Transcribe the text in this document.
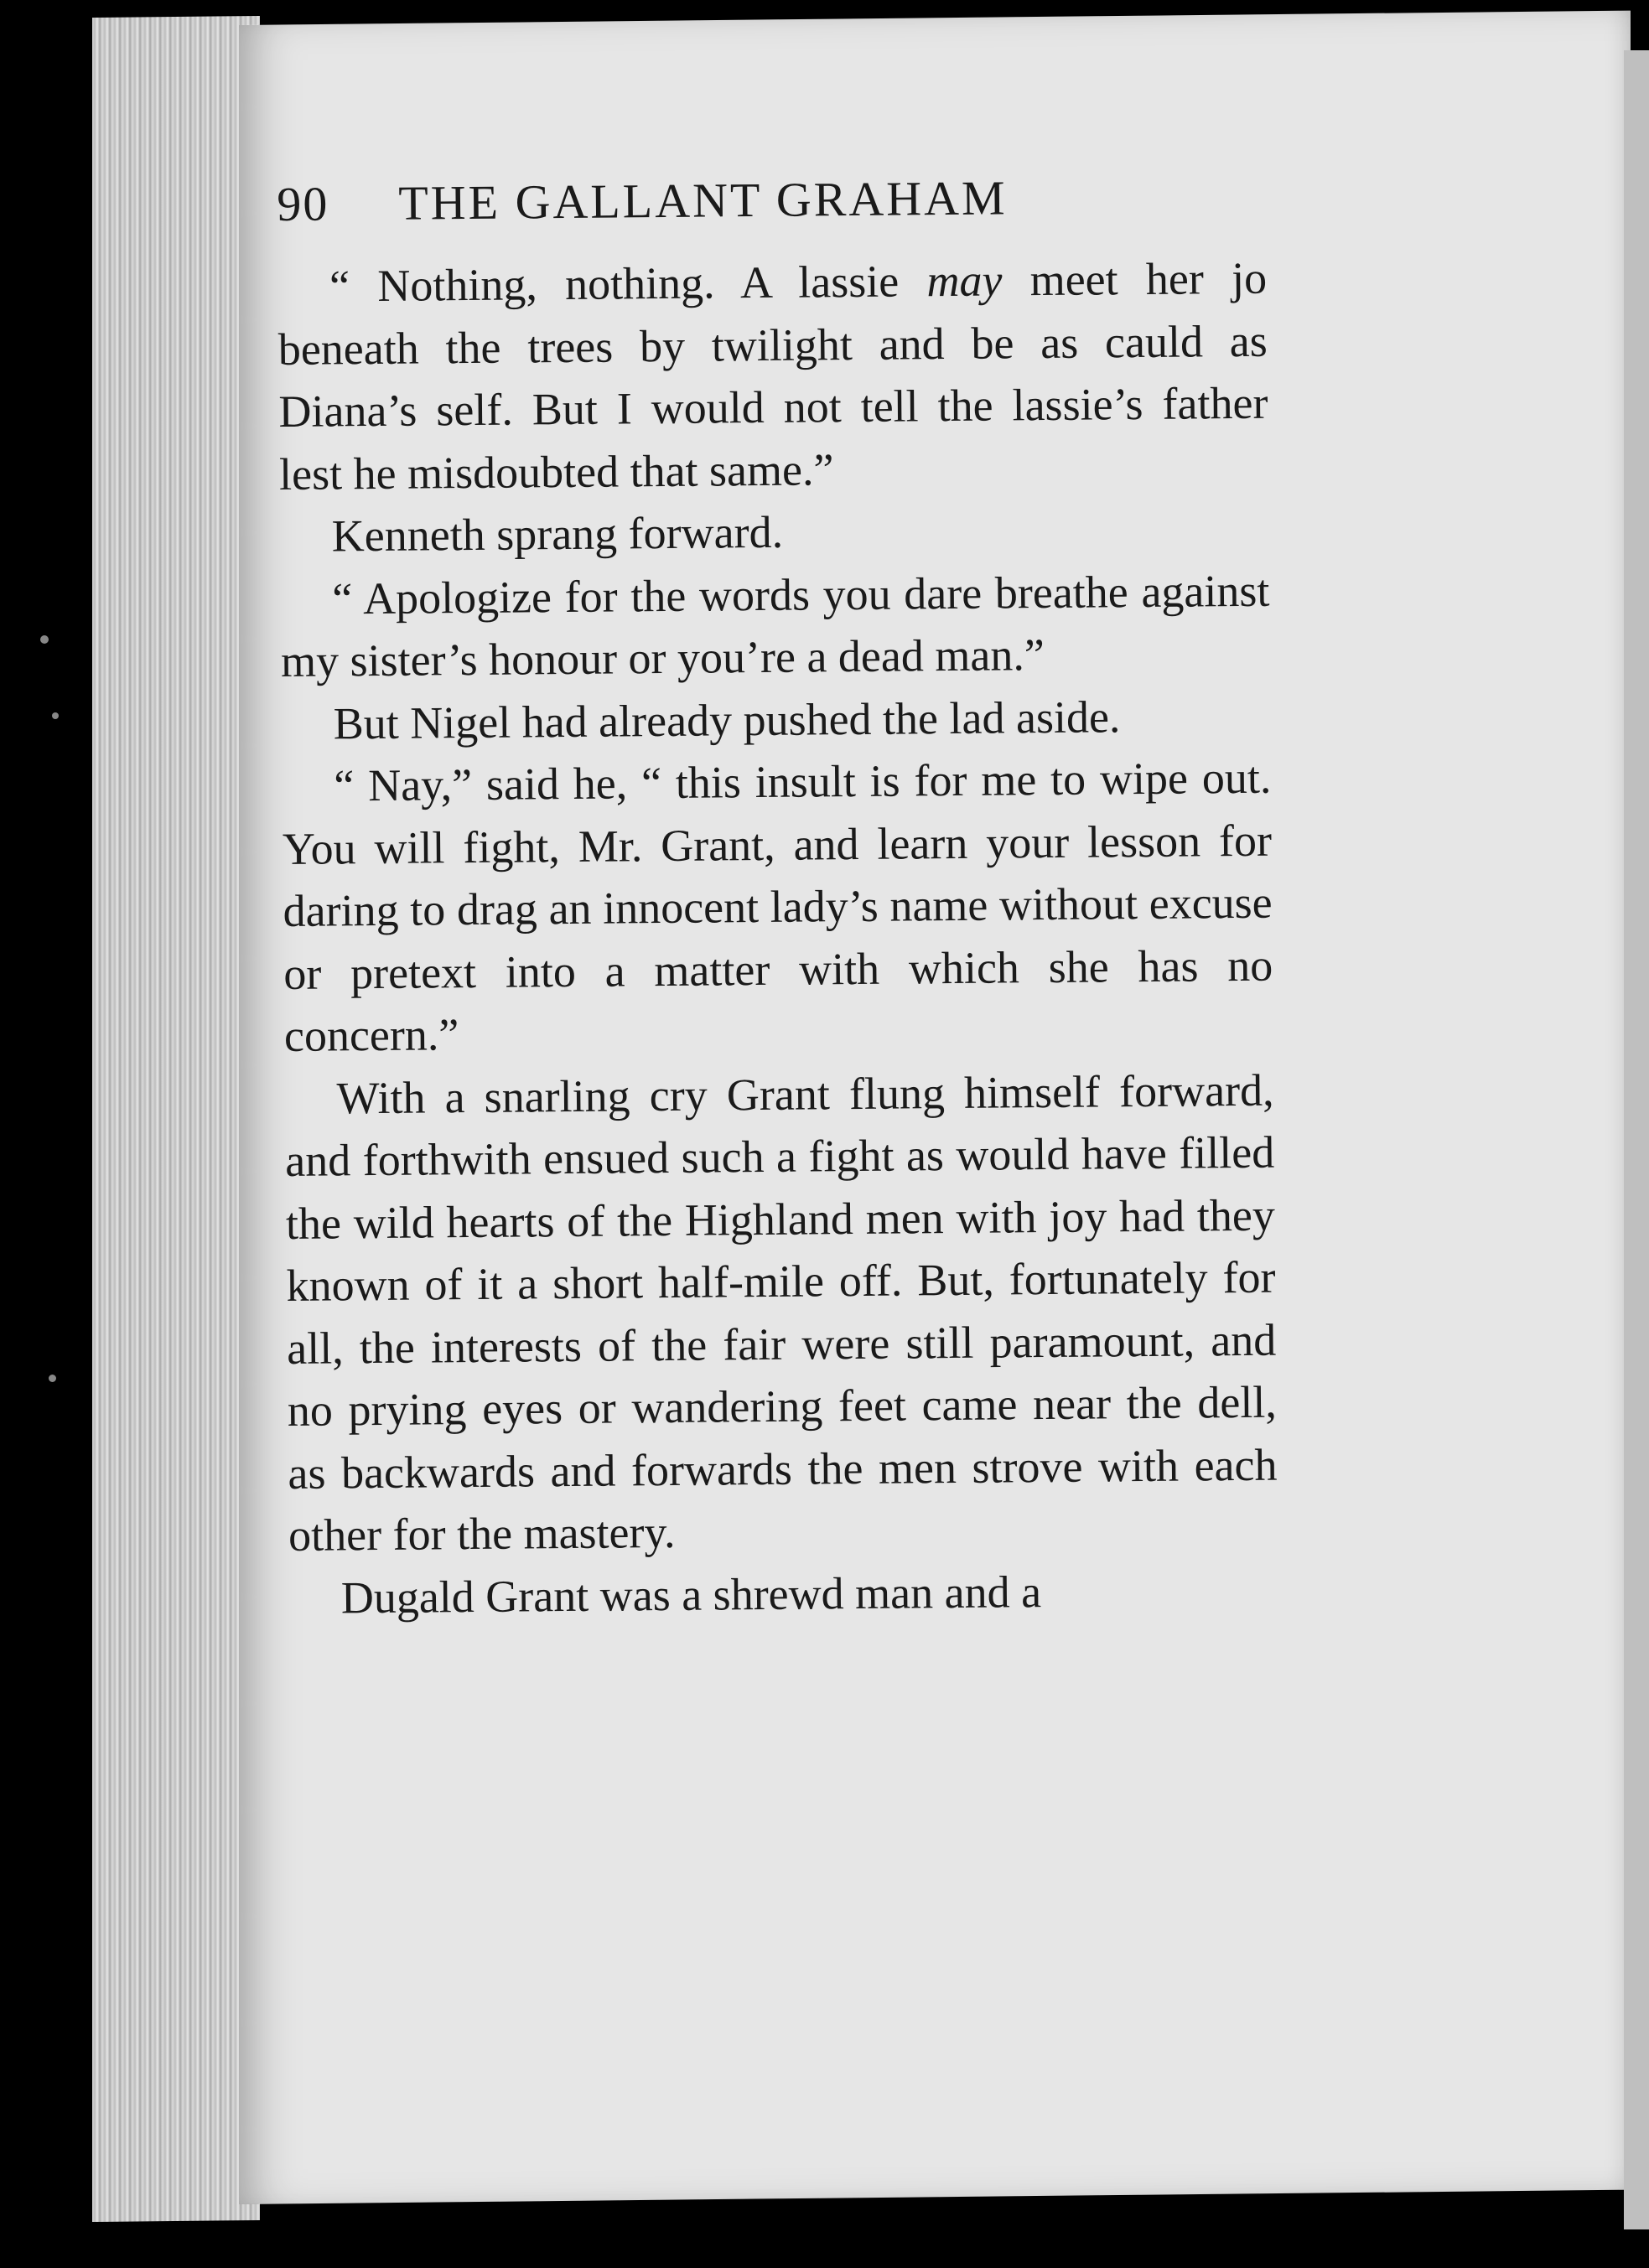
90	THE GALLANT GRAHAM

“ Nothing, nothing. A lassie may meet her jo beneath the trees by twilight and be as cauld as Diana’s self. But I would not tell the lassie’s father lest he misdoubted that same.”

Kenneth sprang forward.

“ Apologize for the words you dare breathe against my sister’s honour or you’re a dead man.”

But Nigel had already pushed the lad aside.

“ Nay,” said he, “ this insult is for me to wipe out. You will fight, Mr. Grant, and learn your lesson for daring to drag an innocent lady’s name without excuse or pretext into a matter with which she has no concern.”

With a snarling cry Grant flung himself forward, and forthwith ensued such a fight as would have filled the wild hearts of the Highland men with joy had they known of it a short half-mile off. But, fortunately for all, the interests of the fair were still paramount, and no prying eyes or wandering feet came near the dell, as backwards and forwards the men strove with each other for the mastery.

Dugald Grant was a shrewd man and a
